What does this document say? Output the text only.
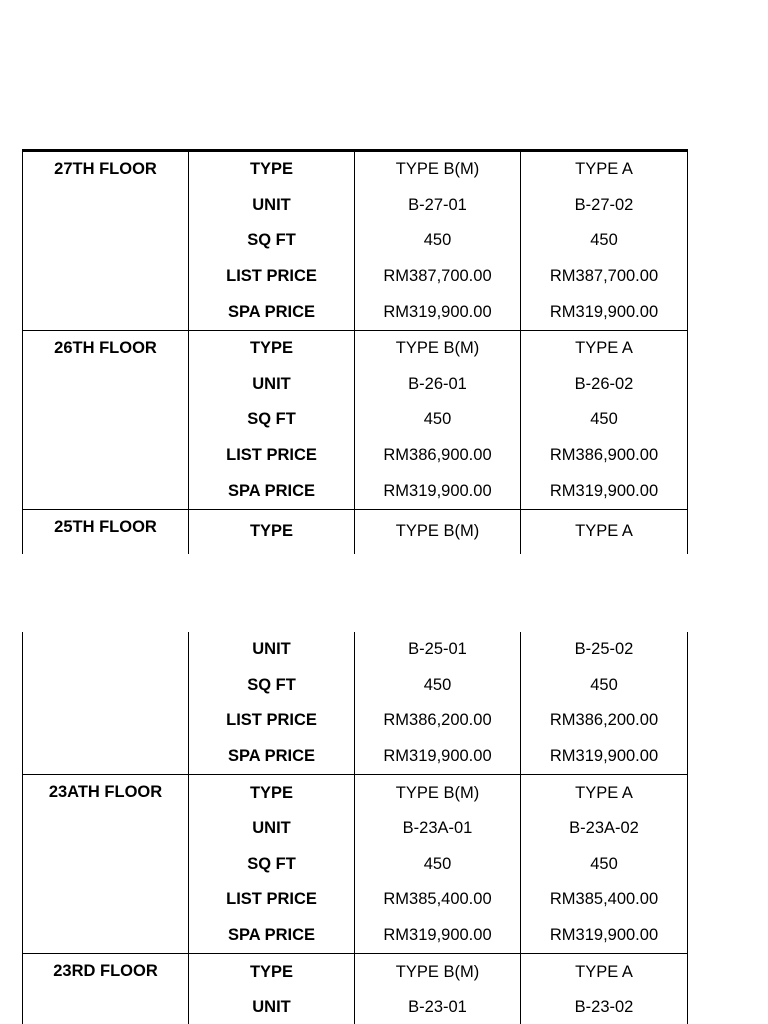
27TH FLOOR	TYPE	TYPE B(M)	TYPE A
	UNIT	B-27-01	B-27-02
	SQ FT	450	450
	LIST PRICE	RM387,700.00	RM387,700.00
	SPA PRICE	RM319,900.00	RM319,900.00
26TH FLOOR	TYPE	TYPE B(M)	TYPE A
	UNIT	B-26-01	B-26-02
	SQ FT	450	450
	LIST PRICE	RM386,900.00	RM386,900.00
	SPA PRICE	RM319,900.00	RM319,900.00
25TH FLOOR	TYPE	TYPE B(M)	TYPE A
	UNIT	B-25-01	B-25-02
	SQ FT	450	450
	LIST PRICE	RM386,200.00	RM386,200.00
	SPA PRICE	RM319,900.00	RM319,900.00
23ATH FLOOR	TYPE	TYPE B(M)	TYPE A
	UNIT	B-23A-01	B-23A-02
	SQ FT	450	450
	LIST PRICE	RM385,400.00	RM385,400.00
	SPA PRICE	RM319,900.00	RM319,900.00
23RD FLOOR	TYPE	TYPE B(M)	TYPE A
	UNIT	B-23-01	B-23-02
